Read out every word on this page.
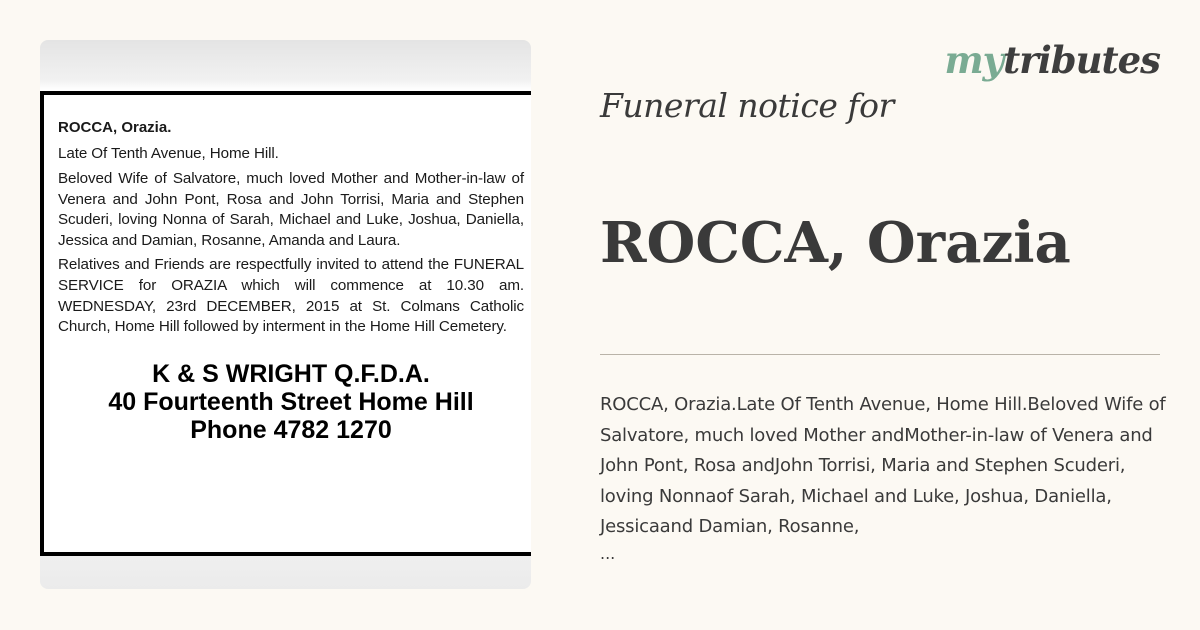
ROCCA, Orazia.

Late Of Tenth Avenue, Home Hill.

Beloved Wife of Salvatore, much loved Mother and Mother-in-law of Venera and John Pont, Rosa and John Torrisi, Maria and Stephen Scuderi, loving Nonna of Sarah, Michael and Luke, Joshua, Daniella, Jessica and Damian, Rosanne, Amanda and Laura.

Relatives and Friends are respectfully invited to attend the FUNERAL SERVICE for ORAZIA which will commence at 10.30 am. WEDNESDAY, 23rd DECEMBER, 2015 at St. Colmans Catholic Church, Home Hill followed by interment in the Home Hill Cemetery.

K & S WRIGHT Q.F.D.A.
40 Fourteenth Street Home Hill
Phone 4782 1270
mytributes
Funeral notice for
ROCCA, Orazia
ROCCA, Orazia.Late Of Tenth Avenue, Home Hill.Beloved Wife of Salvatore, much loved Mother andMother-in-law of Venera and John Pont, Rosa andJohn Torrisi, Maria and Stephen Scuderi, loving Nonnaof Sarah, Michael and Luke, Joshua, Daniella, Jessicaand Damian, Rosanne,
...
